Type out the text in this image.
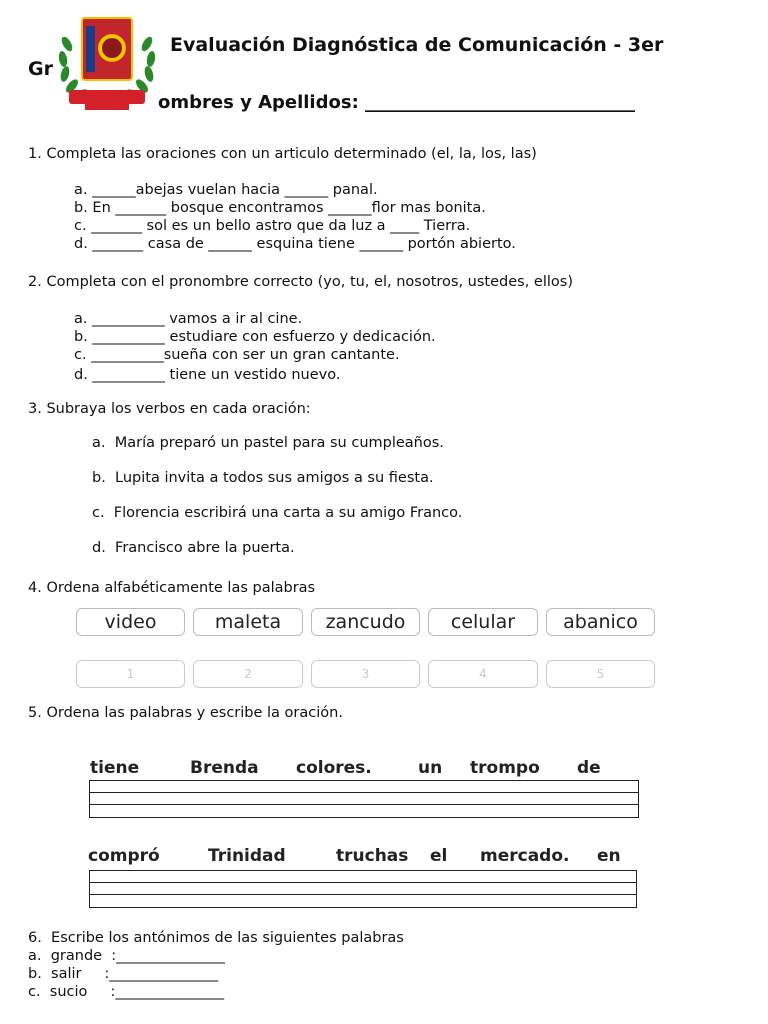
Evaluación Diagnóstica de Comunicación - 3er
Gr
ombres y Apellidos: ______________________________
1. Completa las oraciones con un articulo determinado (el, la, los, las)
a. ______abejas vuelan hacia ______ panal.
b. En _______ bosque encontramos ______flor mas bonita.
c. _______ sol es un bello astro que da luz a ____ Tierra.
d. _______ casa de ______ esquina tiene ______ portón abierto.
2. Completa con el pronombre correcto (yo, tu, el, nosotros, ustedes, ellos)
a. __________ vamos a ir al cine.
b. __________ estudiare con esfuerzo y dedicación.
c. __________sueña con ser un gran cantante.
d. __________ tiene un vestido nuevo.
3. Subraya los verbos en cada oración:
a.  María preparó un pastel para su cumpleaños.
b.  Lupita invita a todos sus amigos a su fiesta.
c.  Florencia escribirá una carta a su amigo Franco.
d.  Francisco abre la puerta.
4. Ordena alfabéticamente las palabras
video	maleta	zancudo	celular	abanico
1	2	3	4	5
5. Ordena las palabras y escribe la oración.
tiene	Brenda colores.	un trompo de
compró	Trinidad	truchas el mercado. en
6.  Escribe los antónimos de las siguientes palabras
a.  grande  :_______________
b.  salir     :_______________
c.  sucio     :_______________
